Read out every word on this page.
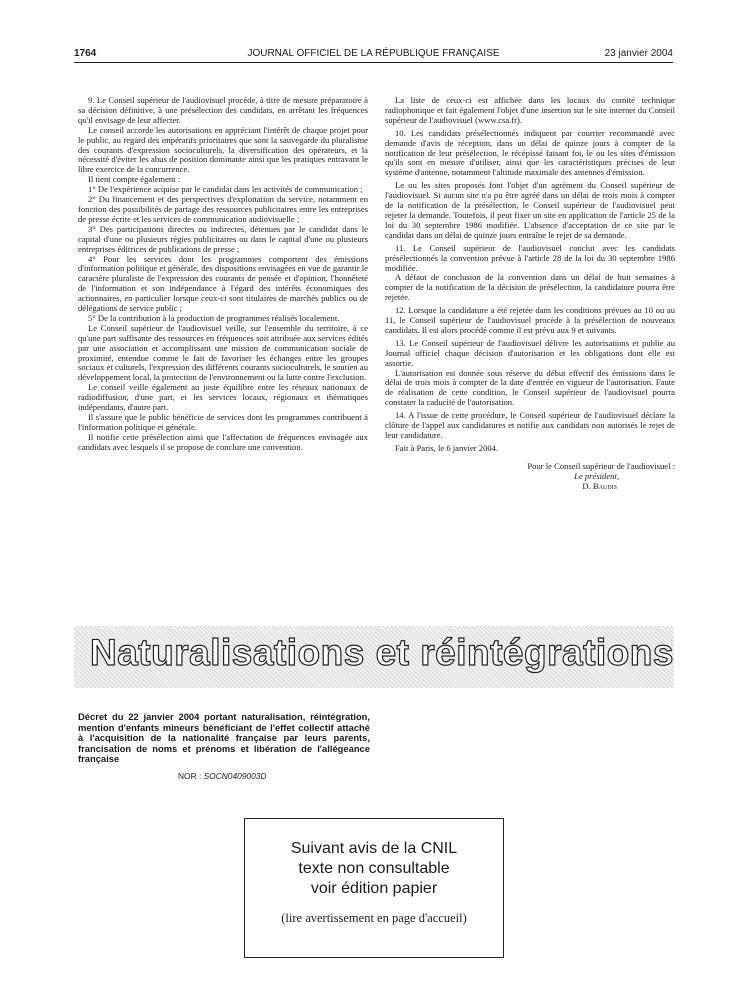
1764	JOURNAL OFFICIEL DE LA RÉPUBLIQUE FRANÇAISE	23 janvier 2004

9. Le Conseil supérieur de l'audiovisuel procède, à titre de mesure préparatoire à sa décision définitive, à une présélection des candidats, en arrêtant les fréquences qu'il envisage de leur affecter.

Le conseil accorde les autorisations en appréciant l'intérêt de chaque projet pour le public, au regard des impératifs prioritaires que sont la sauvegarde du pluralisme des courants d'expression socioculturels, la diversification des opérateurs, et la nécessité d'éviter les abus de position dominante ainsi que les pratiques entravant le libre exercice de la concurrence.

Il tient compte également :

1° De l'expérience acquise par le candidat dans les activités de communication ;

2° Du financement et des perspectives d'exploitation du service, notamment en fonction des possibilités de partage des ressources publicitaires entre les entreprises de presse écrite et les services de communication audiovisuelle ;

3° Des participations directes ou indirectes, détenues par le candidat dans le capital d'une ou plusieurs régies publicitaires ou dans le capital d'une ou plusieurs entreprises éditrices de publications de presse ;

4° Pour les services dont les programmes comportent des émissions d'information politique et générale, des dispositions envisagées en vue de garantir le caractère pluraliste de l'expression des courants de pensée et d'opinion, l'honnêteté de l'information et son indépendance à l'égard des intérêts économiques des actionnaires, en particulier lorsque ceux-ci sont titulaires de marchés publics ou de délégations de service public ;

5° De la contribution à la production de programmes réalisés localement.

Le Conseil supérieur de l'audiovisuel veille, sur l'ensemble du territoire, à ce qu'une part suffisante des ressources en fréquences soit attribuée aux services édités par une association et accomplissant une mission de communication sociale de proximité, entendue comme le fait de favoriser les échanges entre les groupes sociaux et culturels, l'expression des différents courants socioculturels, le soutien au développement local, la protection de l'environnement ou la lutte contre l'exclusion.

Le conseil veille également au juste équilibre entre les réseaux nationaux de radiodiffusion, d'une part, et les services locaux, régionaux et thématiques indépendants, d'autre part.

Il s'assure que le public bénéficie de services dont les programmes contribuent à l'information politique et générale.

Il notifie cette présélection ainsi que l'affectation de fréquences envisagée aux candidats avec lesquels il se propose de conclure une convention.

La liste de ceux-ci est affichée dans les locaux du comité technique radiophonique et fait également l'objet d'une insertion sur le site internet du Conseil supérieur de l'audiovisuel (www.csa.fr).

10. Les candidats présélectionnés indiquent par courrier recommandé avec demande d'avis de réception, dans un délai de quinze jours à compter de la notification de leur présélection, le récépissé faisant foi, le ou les sites d'émission qu'ils sont en mesure d'utiliser, ainsi que les caractéristiques précises de leur système d'antenne, notamment l'altitude maximale des antennes d'émission.

Le ou les sites proposés font l'objet d'un agrément du Conseil supérieur de l'audiovisuel. Si aucun site n'a pu être agréé dans un délai de trois mois à compter de la notification de la présélection, le Conseil supérieur de l'audiovisuel peut rejeter la demande. Toutefois, il peut fixer un site en application de l'article 25 de la loi du 30 septembre 1986 modifiée. L'absence d'acceptation de ce site par le candidat dans un délai de quinze jours entraîne le rejet de sa demande.

11. Le Conseil supérieur de l'audiovisuel conclut avec les candidats présélectionnés la convention prévue à l'article 28 de la loi du 30 septembre 1986 modifiée.

A défaut de conclusion de la convention dans un délai de huit semaines à compter de la notification de la décision de présélection, la candidature pourra être rejetée.

12. Lorsque la candidature a été rejetée dans les conditions prévues au 10 ou au 11, le Conseil supérieur de l'audiovisuel procède à la présélection de nouveaux candidats. Il est alors procédé comme il est prévu aux 9 et suivants.

13. Le Conseil supérieur de l'audiovisuel délivre les autorisations et publie au Journal officiel chaque décision d'autorisation et les obligations dont elle est assortie.

L'autorisation est donnée sous réserve du début effectif des émissions dans le délai de trois mois à compter de la date d'entrée en vigueur de l'autorisation. Faute de réalisation de cette condition, le Conseil supérieur de l'audiovisuel pourra constater la caducité de l'autorisation.

14. A l'issue de cette procédure, le Conseil supérieur de l'audiovisuel déclare la clôture de l'appel aux candidatures et notifie aux candidats non autorisés le rejet de leur candidature.

Fait à Paris, le 6 janvier 2004.

Pour le Conseil supérieur de l'audiovisuel :
Le président,
D. Baudis
Naturalisations et réintégrations
Décret du 22 janvier 2004 portant naturalisation, réintégration, mention d'enfants mineurs bénéficiant de l'effet collectif attaché à l'acquisition de la nationalité française par leurs parents, francisation de noms et prénoms et libération de l'allégeance française
NOR : SOCN0409003D
Suivant avis de la CNIL
texte non consultable
voir édition papier
(lire avertissement en page d'accueil)
